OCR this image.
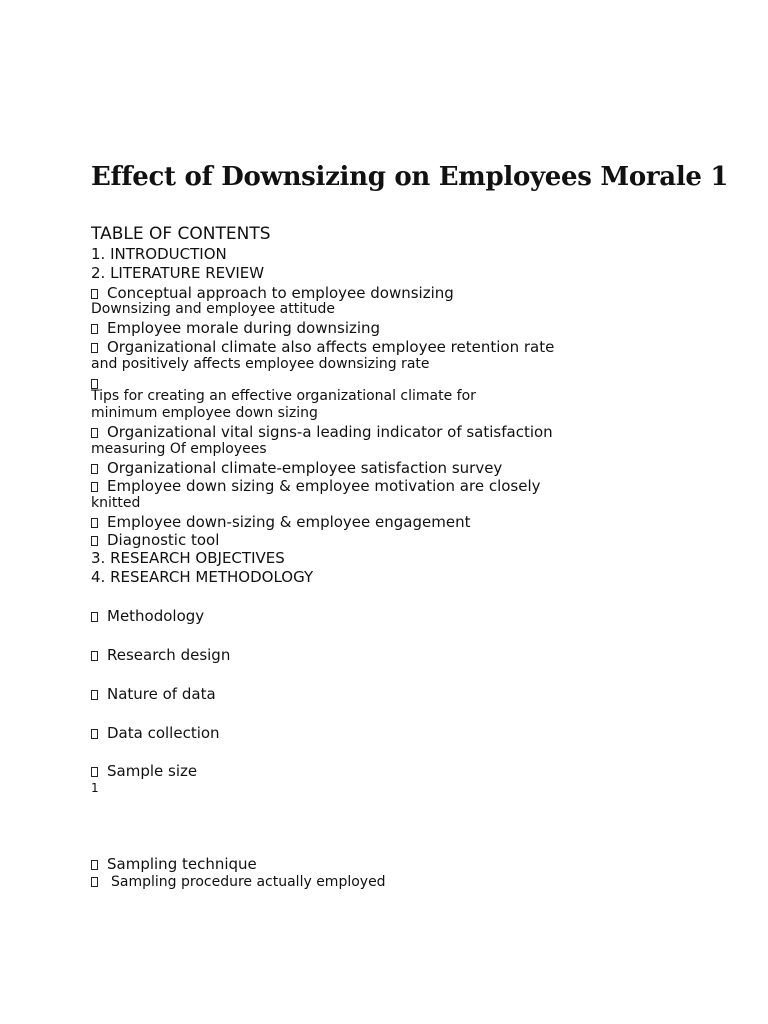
Effect of Downsizing on Employees Morale 1
TABLE OF CONTENTS
1. INTRODUCTION
2. LITERATURE REVIEW
Conceptual approach to employee downsizing
Downsizing and employee attitude
Employee morale during downsizing
Organizational climate also affects employee retention rate
and positively affects employee downsizing rate
Tips for creating an effective organizational climate for
minimum employee down sizing
Organizational vital signs-a leading indicator of satisfaction
measuring Of employees
Organizational climate-employee satisfaction survey
Employee down sizing & employee motivation are closely
knitted
Employee down-sizing & employee engagement
Diagnostic tool
3. RESEARCH OBJECTIVES
4. RESEARCH METHODOLOGY
Methodology
Research design
Nature of data
Data collection
Sample size
1
Sampling technique
Sampling procedure actually employed
